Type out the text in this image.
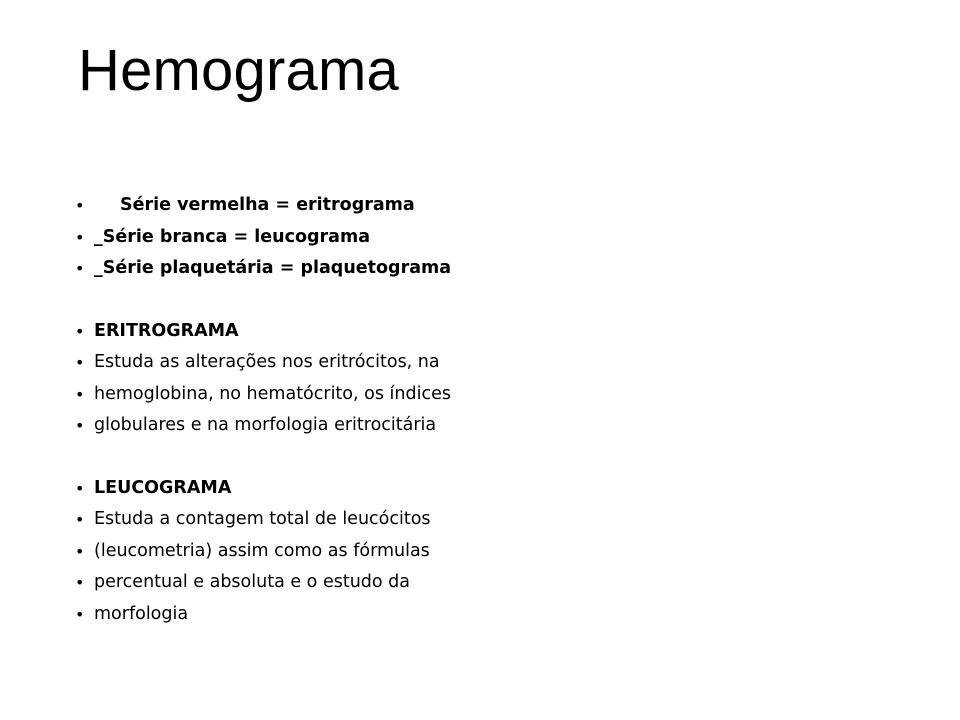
Hemograma
• Série vermelha = eritrograma
• _Série branca = leucograma
• _Série plaquetária = plaquetograma
• ERITROGRAMA
• Estuda as alterações nos eritrócitos, na
• hemoglobina, no hematócrito, os índices
• globulares e na morfologia eritrocitária
• LEUCOGRAMA
• Estuda a contagem total de leucócitos
• (leucometria) assim como as fórmulas
• percentual e absoluta e o estudo da
• morfologia
